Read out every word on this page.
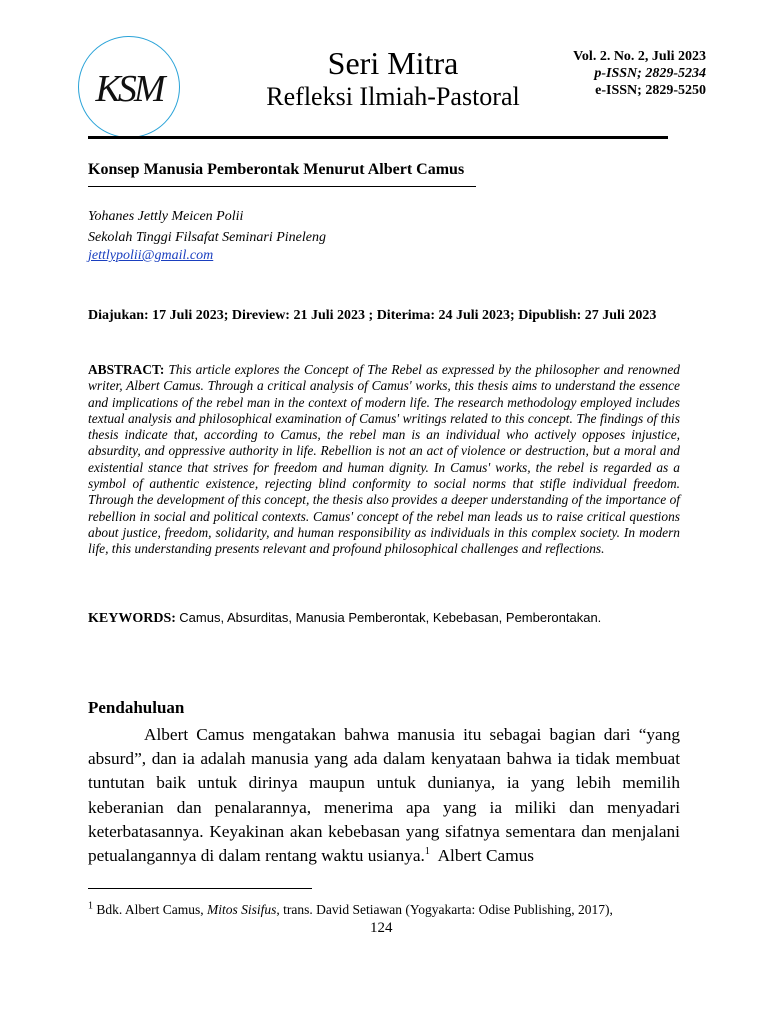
KSM
Seri Mitra
Refleksi Ilmiah-Pastoral
Vol. 2. No. 2, Juli 2023
p-ISSN; 2829-5234
e-ISSN; 2829-5250
Konsep Manusia Pemberontak Menurut Albert Camus
Yohanes Jettly Meicen Polii
Sekolah Tinggi Filsafat Seminari Pineleng
jettlypolii@gmail.com
Diajukan: 17 Juli 2023; Direview: 21 Juli 2023 ; Diterima: 24 Juli 2023; Dipublish: 27 Juli 2023
ABSTRACT: This article explores the Concept of The Rebel as expressed by the philosopher and renowned writer, Albert Camus. Through a critical analysis of Camus' works, this thesis aims to understand the essence and implications of the rebel man in the context of modern life. The research methodology employed includes textual analysis and philosophical examination of Camus' writings related to this concept. The findings of this thesis indicate that, according to Camus, the rebel man is an individual who actively opposes injustice, absurdity, and oppressive authority in life. Rebellion is not an act of violence or destruction, but a moral and existential stance that strives for freedom and human dignity. In Camus' works, the rebel is regarded as a symbol of authentic existence, rejecting blind conformity to social norms that stifle individual freedom. Through the development of this concept, the thesis also provides a deeper understanding of the importance of rebellion in social and political contexts. Camus' concept of the rebel man leads us to raise critical questions about justice, freedom, solidarity, and human responsibility as individuals in this complex society. In modern life, this understanding presents relevant and profound philosophical challenges and reflections.
KEYWORDS: Camus, Absurditas, Manusia Pemberontak, Kebebasan, Pemberontakan.
Pendahuluan

Albert Camus mengatakan bahwa manusia itu sebagai bagian dari “yang absurd”, dan ia adalah manusia yang ada dalam kenyataan bahwa ia tidak membuat tuntutan baik untuk dirinya maupun untuk dunianya, ia yang lebih memilih keberanian dan penalarannya, menerima apa yang ia miliki dan menyadari keterbatasannya. Keyakinan akan kebebasan yang sifatnya sementara dan menjalani petualangannya di dalam rentang waktu usianya.$^1$ Albert Camus

$^1$ Bdk. Albert Camus, Mitos Sisifus, trans. David Setiawan (Yogyakarta: Odise Publishing, 2017),
124
